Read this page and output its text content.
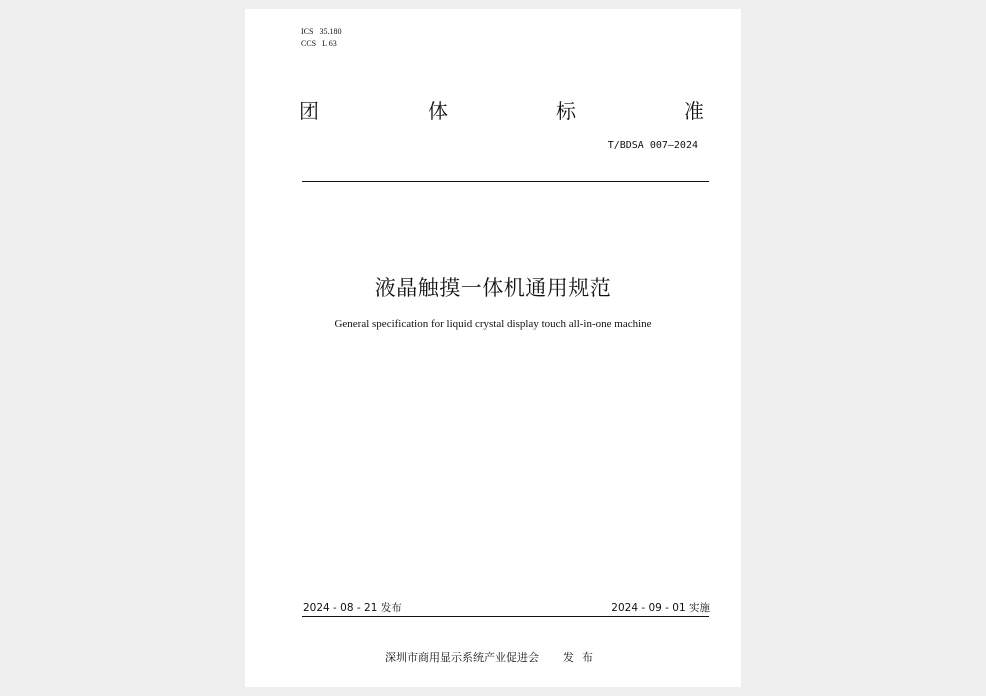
ICS 35.180

CCS L 63

团	体	标	准
T/BDSA 007—2024
液晶触摸一体机通用规范

General specification for liquid crystal display touch all-in-one machine

2024 - 08 - 21 发布	2024 - 09 - 01 实施

深圳市商用显示系统产业促进会 发布
